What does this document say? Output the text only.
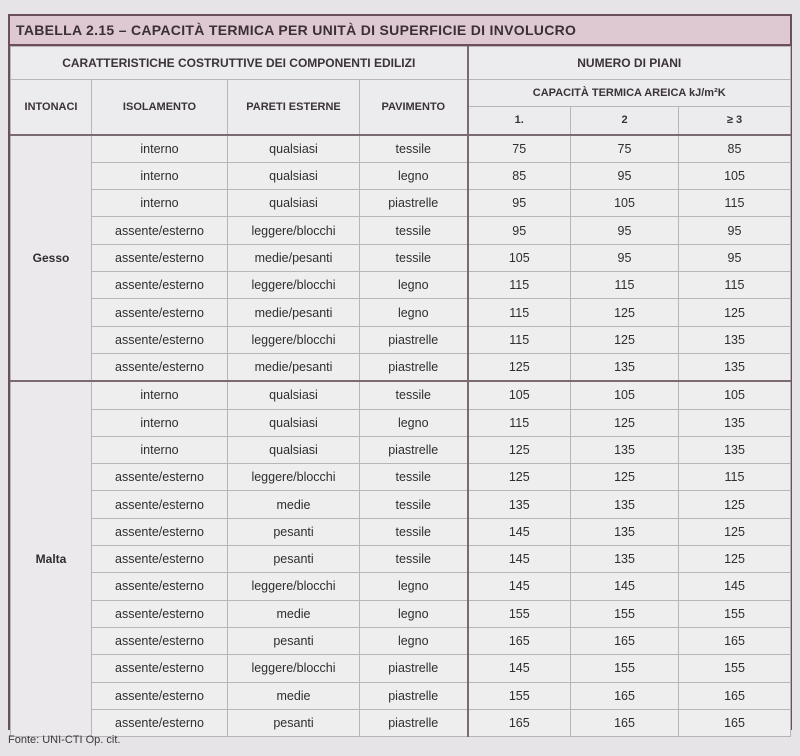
TABELLA 2.15 – CAPACITÀ TERMICA PER UNITÀ DI SUPERFICIE DI INVOLUCRO
CARATTERISTICHE COSTRUTTIVE DEI COMPONENTI EDILIZI				NUMERO DI PIANI		
INTONACI	ISOLAMENTO	PARETI ESTERNE	PAVIMENTO	CAPACITÀ TERMICA AREICA kJ/m²K		
				1.	2	≥ 3
Gesso	interno	qualsiasi	tessile	75	75	85
	interno	qualsiasi	legno	85	95	105
	interno	qualsiasi	piastrelle	95	105	115
	assente/esterno	leggere/blocchi	tessile	95	95	95
	assente/esterno	medie/pesanti	tessile	105	95	95
	assente/esterno	leggere/blocchi	legno	115	115	115
	assente/esterno	medie/pesanti	legno	115	125	125
	assente/esterno	leggere/blocchi	piastrelle	115	125	135
	assente/esterno	medie/pesanti	piastrelle	125	135	135
Malta	interno	qualsiasi	tessile	105	105	105
	interno	qualsiasi	legno	115	125	135
	interno	qualsiasi	piastrelle	125	135	135
	assente/esterno	leggere/blocchi	tessile	125	125	115
	assente/esterno	medie	tessile	135	135	125
	assente/esterno	pesanti	tessile	145	135	125
	assente/esterno	pesanti	tessile	145	135	125
	assente/esterno	leggere/blocchi	legno	145	145	145
	assente/esterno	medie	legno	155	155	155
	assente/esterno	pesanti	legno	165	165	165
	assente/esterno	leggere/blocchi	piastrelle	145	155	155
	assente/esterno	medie	piastrelle	155	165	165
	assente/esterno	pesanti	piastrelle	165	165	165
Fonte: UNI-CTI Op. cit.
